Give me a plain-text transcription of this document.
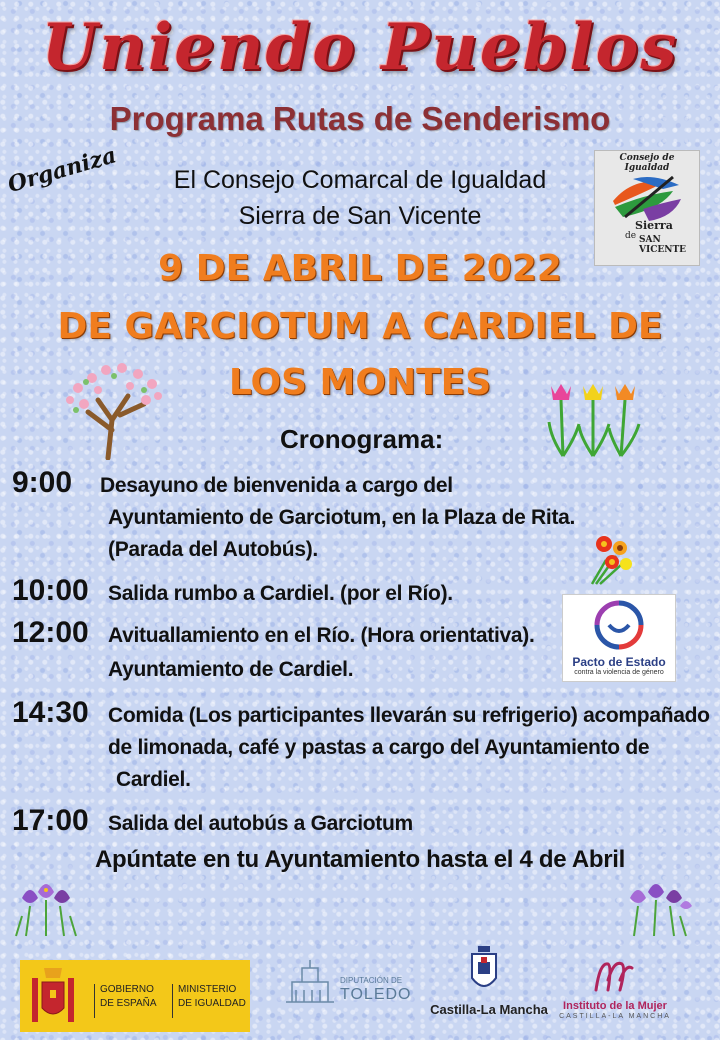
Uniendo Pueblos
Programa Rutas de Senderismo
Organiza	El Consejo Comarcal de Igualdad
Sierra de San Vicente
Consejo de Igualdad
Sierra
de SAN VICENTE
9 DE ABRIL DE 2022
DE GARCIOTUM A CARDIEL DE
LOS MONTES
Cronograma:
9:00 Desayuno de bienvenida a cargo del
Ayuntamiento de Garciotum, en la Plaza de Rita.
(Parada del Autobús).
10:00 Salida rumbo a Cardiel. (por el Río).
12:00 Avituallamiento en el Río. (Hora orientativa).
Ayuntamiento de Cardiel.
14:30 Comida (Los participantes llevarán su refrigerio) acompañado
de limonada, café y pastas a cargo del Ayuntamiento de
Cardiel.
17:00 Salida del autobús a Garciotum
Pacto de Estado
contra la violencia de género
Apúntate en tu Ayuntamiento hasta el 4 de Abril
GOBIERNO
DE ESPAÑA
MINISTERIO
DE IGUALDAD
DIPUTACIÓN DE
TOLEDO
Castilla-La Mancha	Instituto de la Mujer
CASTILLA-LA MANCHA
